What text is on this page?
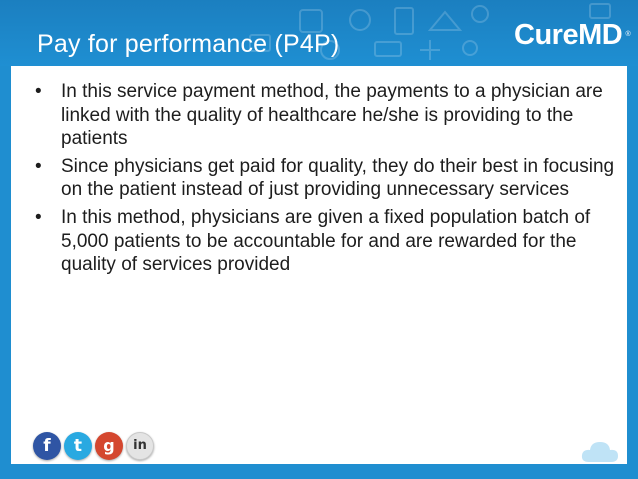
Pay for performance (P4P)	CureMD ®
• In this service payment method, the payments to a physician are linked with the quality of healthcare he/she is providing to the patients
• Since physicians get paid for quality, they do their best in focusing on the patient instead of just providing unnecessary services
• In this method, physicians are given a fixed population batch of 5,000 patients to be accountable for and are rewarded for the quality of services provided
f	t	g	in
